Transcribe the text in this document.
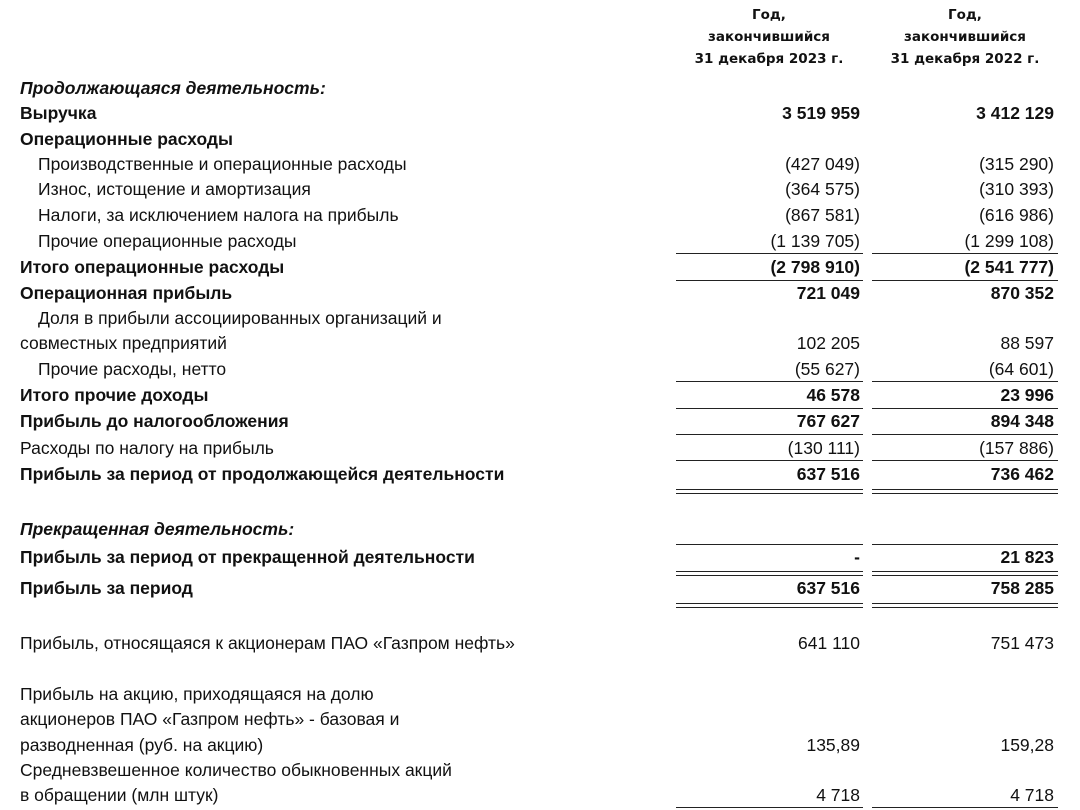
Год,
закончившийся
31 декабря 2023 г.
Год,
закончившийся
31 декабря 2022 г.
Продолжающаяся деятельность:
Выручка	3 519 959	3 412 129
Операционные расходы
Производственные и операционные расходы	(427 049)	(315 290)
Износ, истощение и амортизация	(364 575)	(310 393)
Налоги, за исключением налога на прибыль	(867 581)	(616 986)
Прочие операционные расходы	(1 139 705)	(1 299 108)
Итого операционные расходы	(2 798 910)	(2 541 777)
Операционная прибыль	721 049	870 352
Доля в прибыли ассоциированных организаций и
совместных предприятий	102 205	88 597
Прочие расходы, нетто	(55 627)	(64 601)
Итого прочие доходы	46 578	23 996
Прибыль до налогообложения	767 627	894 348
Расходы по налогу на прибыль	(130 111)	(157 886)
Прибыль за период от продолжающейся деятельности	637 516	736 462
Прекращенная деятельность:
Прибыль за период от прекращенной деятельности	-	21 823
Прибыль за период	637 516	758 285
Прибыль, относящаяся к акционерам ПАО «Газпром нефть»	641 110	751 473
Прибыль на акцию, приходящаяся на долю
акционеров ПАО «Газпром нефть» - базовая и
разводненная (руб. на акцию)	135,89	159,28
Средневзвешенное количество обыкновенных акций
в обращении (млн штук)	4 718	4 718
